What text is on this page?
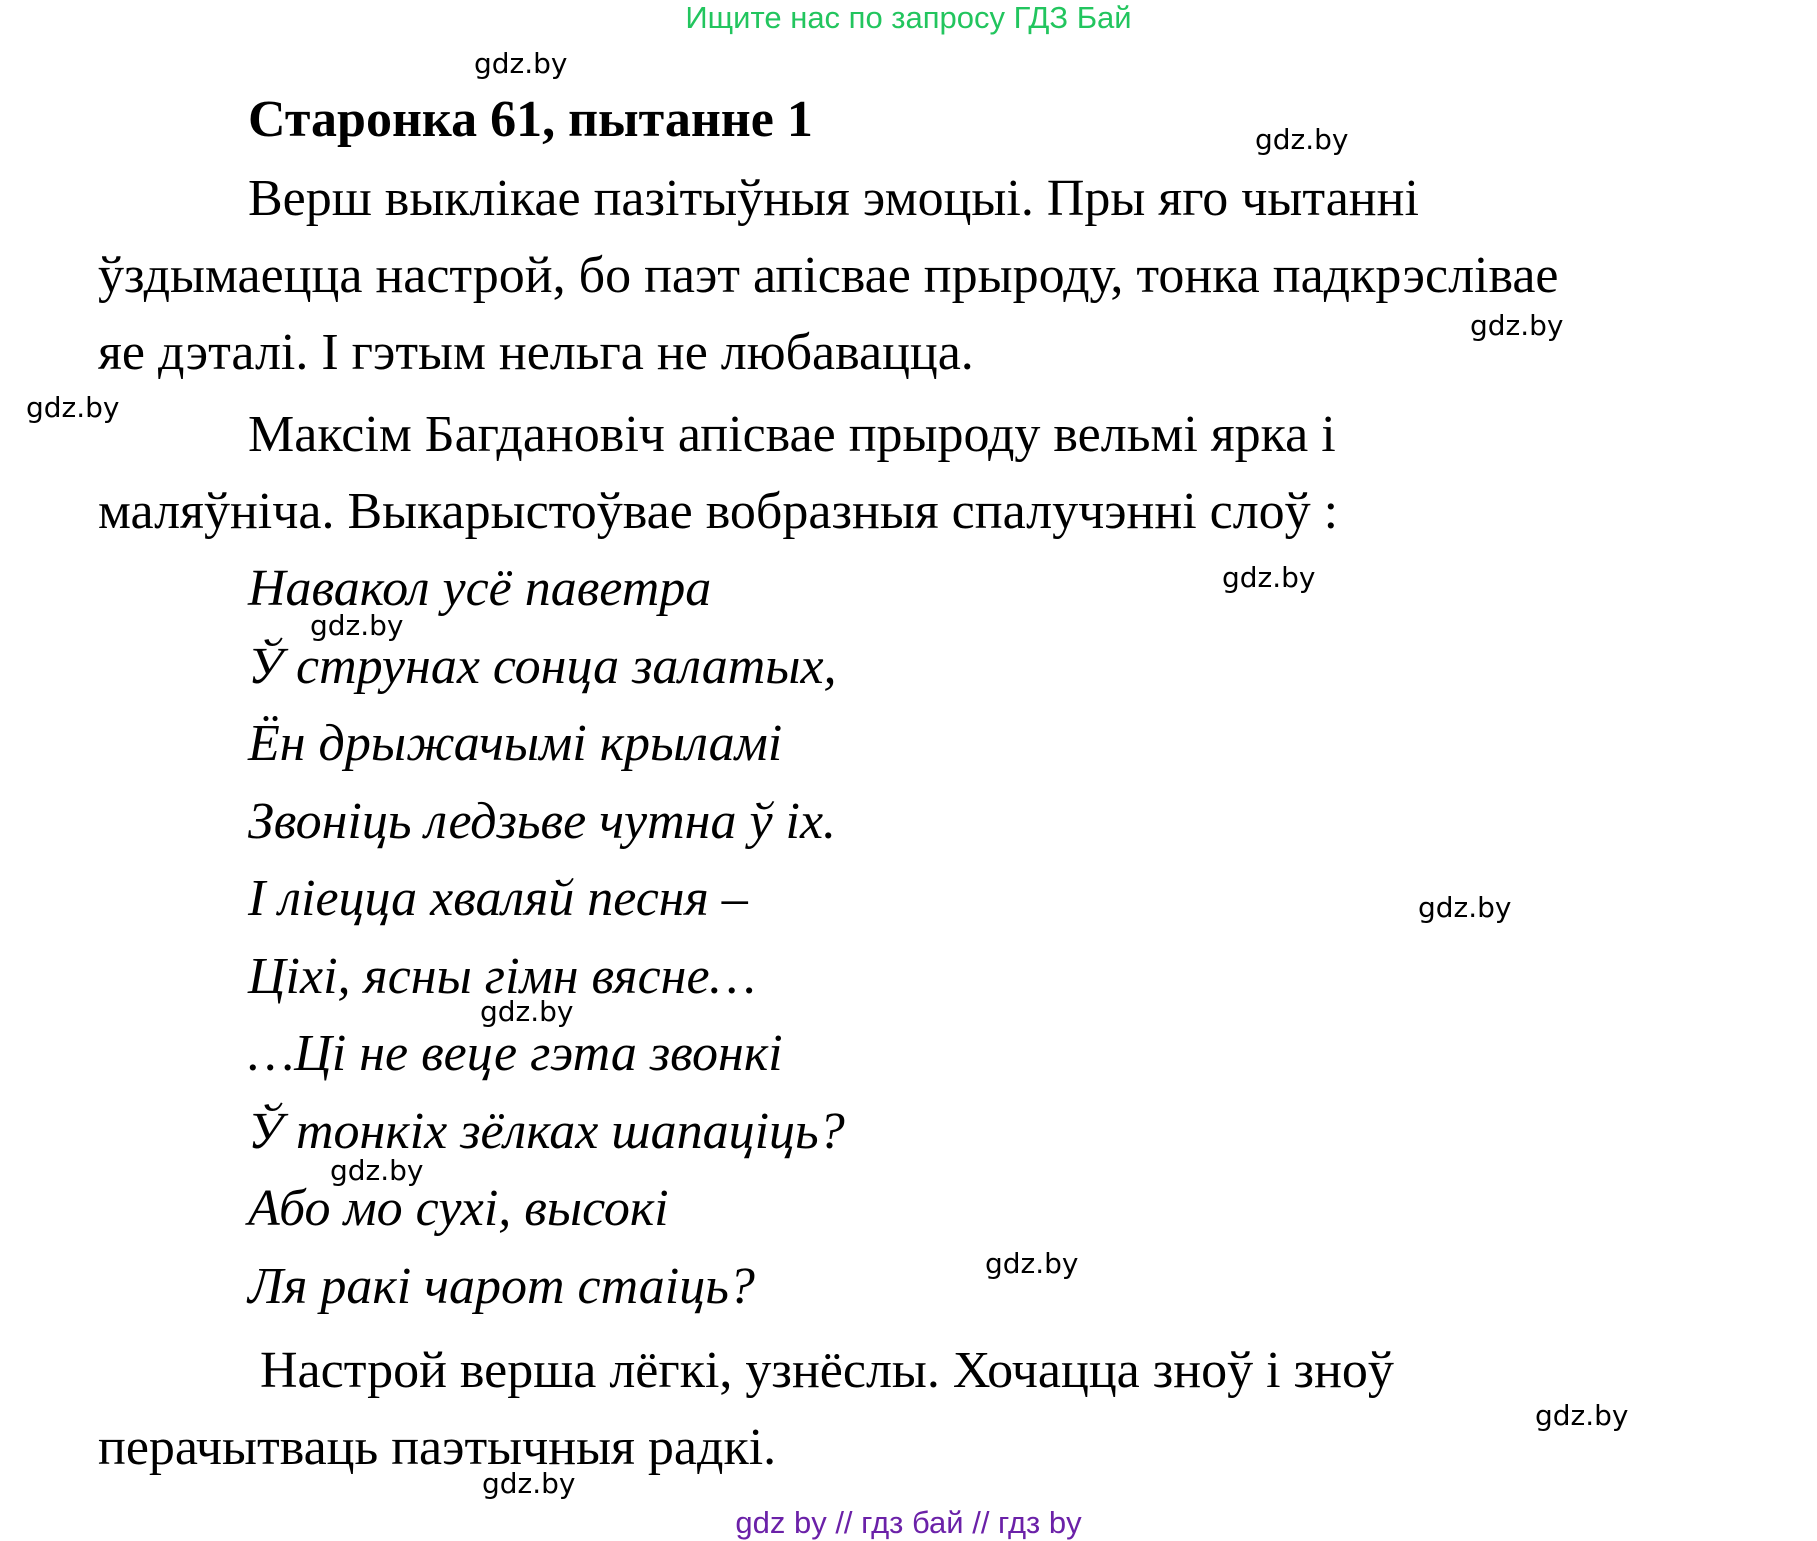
Ищите нас по запросу ГДЗ Бай
Старонка 61, пытанне 1
Верш выклікае пазітыўныя эмоцыі. Пры яго чытанні
ўздымаецца настрой, бо паэт апісвае прыроду, тонка падкрэслівае
яе дэталі. І гэтым нельга не любавацца.
Максім Багдановіч апісвае прыроду вельмі ярка і
маляўніча. Выкарыстоўвае вобразныя спалучэнні слоў :
Навакол усё паветра
Ў струнах сонца залатых,
Ён дрыжачымі крыламі
Звоніць ледзьве чутна ў іх.
І ліецца хваляй песня –
Ціхі, ясны гімн вясне…
…Ці не веце гэта звонкі
Ў тонкіх зёлках шапаціць?
Або мо сухі, высокі
Ля ракі чарот стаіць?
Настрой верша лёгкі, узнёслы. Хочацца зноў і зноў
перачытваць паэтычныя радкі.
gdz.by
gdz.by
gdz.by
gdz.by
gdz.by
gdz.by
gdz.by
gdz.by
gdz.by
gdz.by
gdz.by
gdz.by
gdz by // гдз бай // гдз by
